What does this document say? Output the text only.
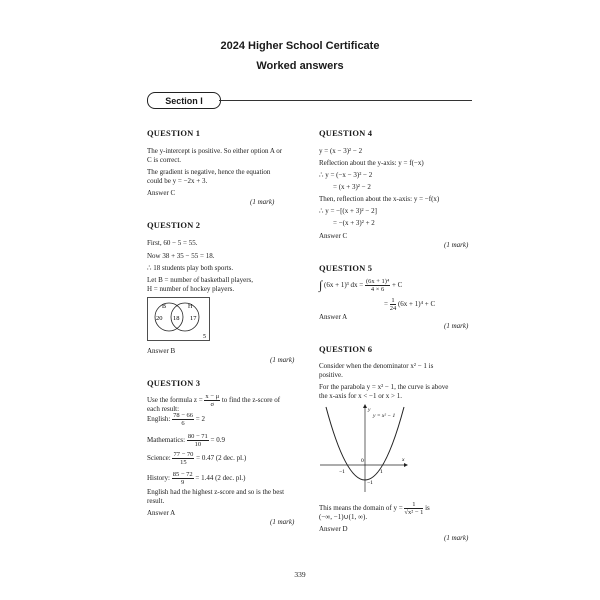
2024 Higher School Certificate
Worked answers
Section I
QUESTION 1
The y-intercept is positive. So either option A or
C is correct.
The gradient is negative, hence the equation
could be y = −2x + 3.
Answer C
(1 mark)
QUESTION 2
First, 60 − 5 = 55.
Now 38 + 35 − 55 = 18.
∴ 18 students play both sports.
Let B = number of basketball players,
H = number of hockey players.
B	H
20 18 17
5
Answer B
(1 mark)
QUESTION 3
Use the formula $z = \frac{x - \mu}{\sigma}$ to find the z-score of
each result:
English: $\frac{78 - 66}{6} = 2$
Mathematics: $\frac{80 - 71}{10} = 0.9$
Science: $\frac{77 - 70}{15} = 0.47$ (2 dec. pl.)
History: $\frac{85 - 72}{9} = 1.44$ (2 dec. pl.)
English had the highest z-score and so is the best
result.
Answer A
(1 mark)
QUESTION 4
y = (x − 3)² − 2
Reflection about the y-axis: y = f(−x)
∴ y = (−x − 3)² − 2
= (x + 3)² − 2
Then, reflection about the x-axis: y = −f(x)
∴ y = −[(x + 3)² − 2]
= −(x + 3)² + 2
Answer C
(1 mark)
QUESTION 5
∫ (6x + 1)³ dx = $\frac{\text{(6x + 1)⁴}}{4 \times 6} + C$
= $\frac{1}{24} (6x + 1)^4 + C$
Answer A
(1 mark)
QUESTION 6
Consider when the denominator x² − 1 is
positive.
For the parabola y = x² − 1, the curve is above
the x-axis for x < −1 or x > 1.
y = x² − 1
y
x
−1
0
1
−1
This means the domain of $y = \frac{1}{\text{√x² − 1}}$ is
(−∞, −1)∪(1, ∞).
Answer D
(1 mark)
339
